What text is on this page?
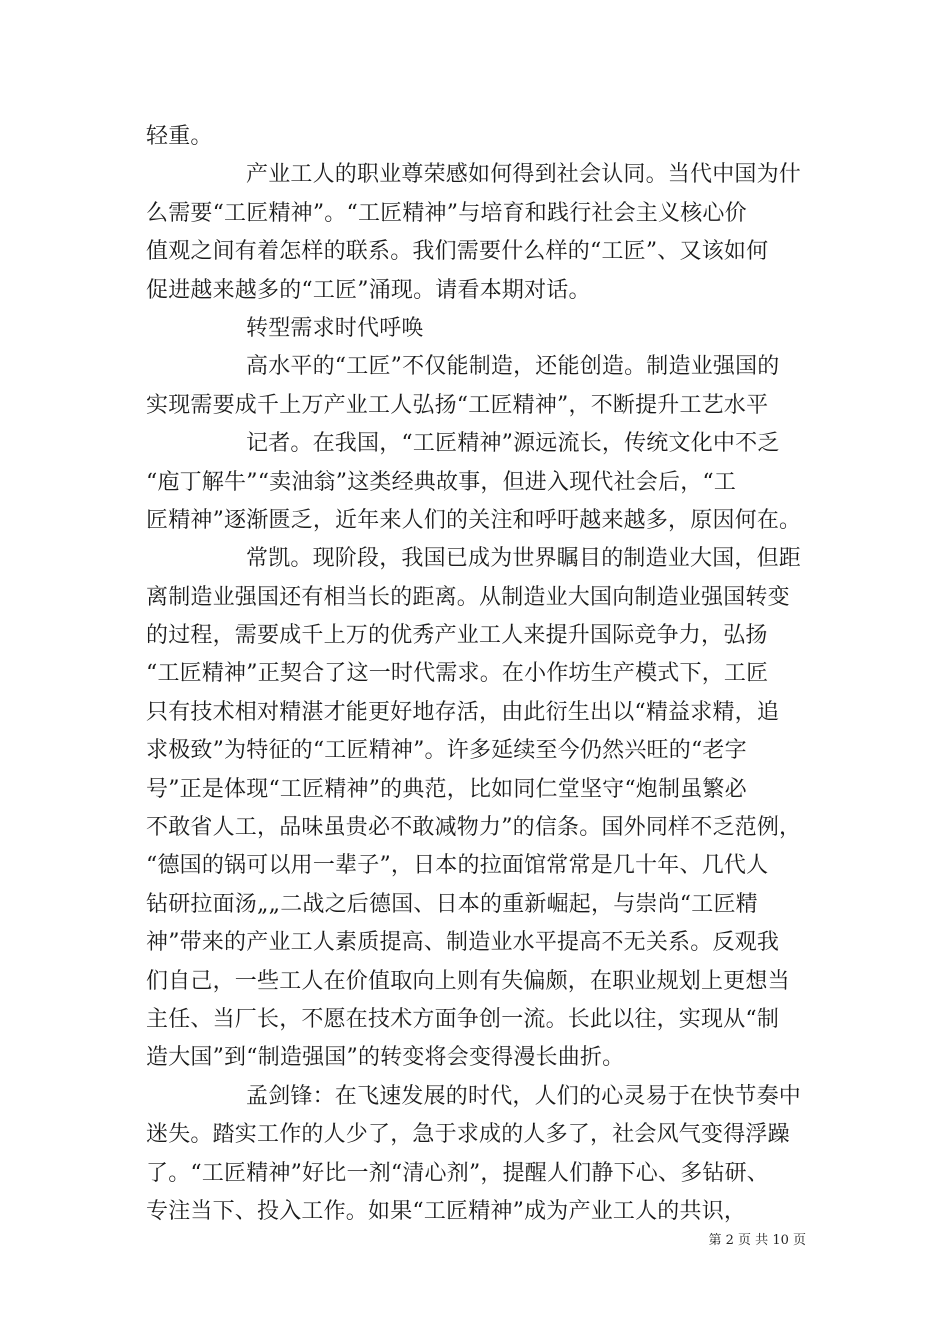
轻重。
产业工人的职业尊荣感如何得到社会认同。当代中国为什
么需要“工匠精神”。“工匠精神”与培育和践行社会主义核心价
值观之间有着怎样的联系。我们需要什么样的“工匠”、又该如何
促进越来越多的“工匠”涌现。请看本期对话。
转型需求时代呼唤
高水平的“工匠”不仅能制造，还能创造。制造业强国的
实现需要成千上万产业工人弘扬“工匠精神”，不断提升工艺水平
记者。在我国，“工匠精神”源远流长，传统文化中不乏
“庖丁解牛”“卖油翁”这类经典故事，但进入现代社会后，“工
匠精神”逐渐匮乏，近年来人们的关注和呼吁越来越多，原因何在。
常凯。现阶段，我国已成为世界瞩目的制造业大国，但距
离制造业强国还有相当长的距离。从制造业大国向制造业强国转变
的过程，需要成千上万的优秀产业工人来提升国际竞争力，弘扬
“工匠精神”正契合了这一时代需求。在小作坊生产模式下，工匠
只有技术相对精湛才能更好地存活，由此衍生出以“精益求精，追
求极致”为特征的“工匠精神”。许多延续至今仍然兴旺的“老字
号”正是体现“工匠精神”的典范，比如同仁堂坚守“炮制虽繁必
不敢省人工，品味虽贵必不敢减物力”的信条。国外同样不乏范例，
“德国的锅可以用一辈子”，日本的拉面馆常常是几十年、几代人
钻研拉面汤„„二战之后德国、日本的重新崛起，与崇尚“工匠精
神”带来的产业工人素质提高、制造业水平提高不无关系。反观我
们自己，一些工人在价值取向上则有失偏颇，在职业规划上更想当
主任、当厂长，不愿在技术方面争创一流。长此以往，实现从“制
造大国”到“制造强国”的转变将会变得漫长曲折。
孟剑锋：在飞速发展的时代，人们的心灵易于在快节奏中
迷失。踏实工作的人少了，急于求成的人多了，社会风气变得浮躁
了。“工匠精神”好比一剂“清心剂”，提醒人们静下心、多钻研、
专注当下、投入工作。如果“工匠精神”成为产业工人的共识，
第 2 页 共 10 页
